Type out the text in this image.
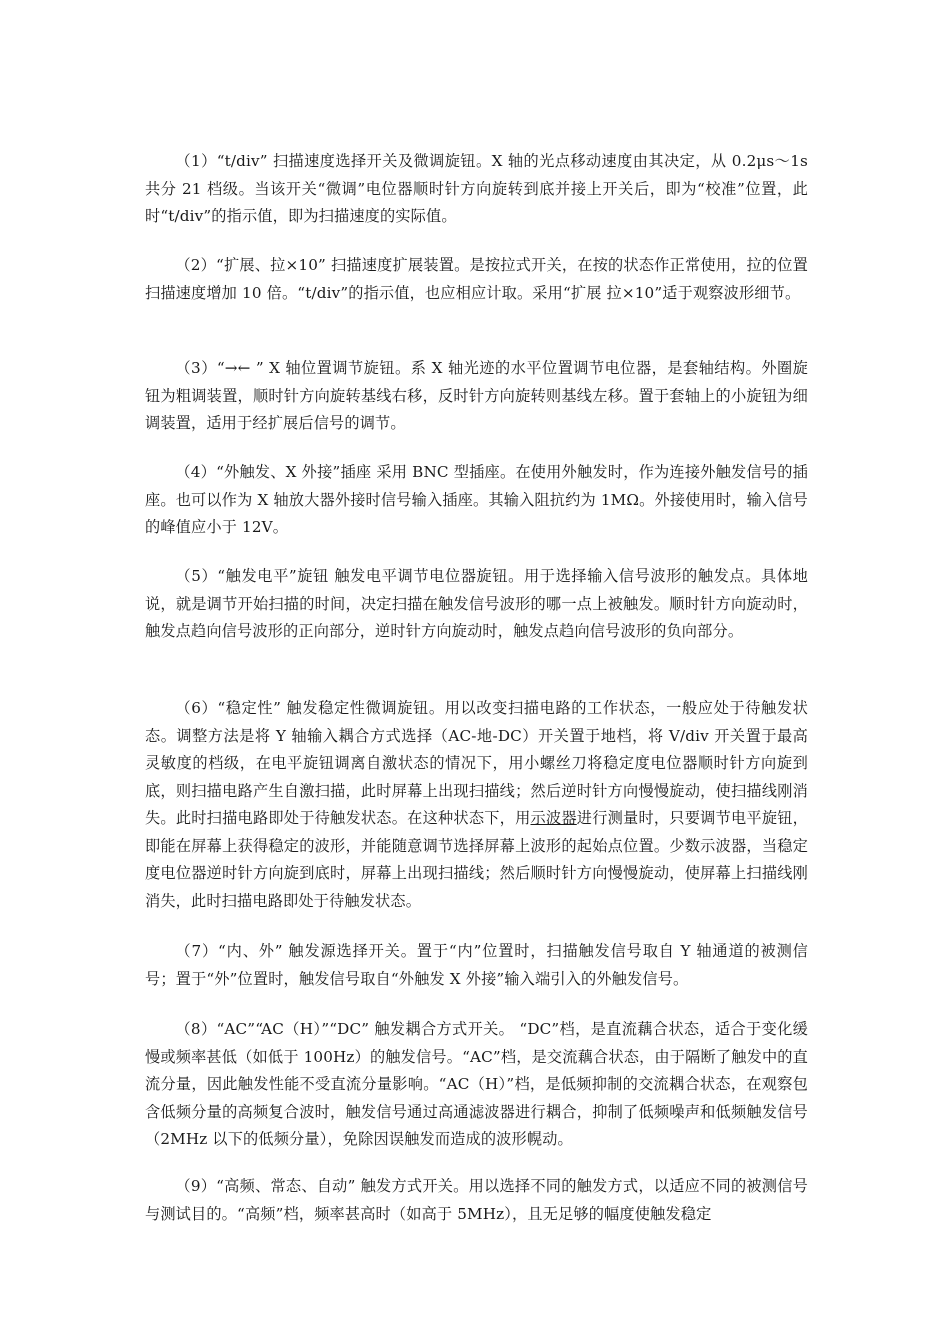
（1）“t/div” 扫描速度选择开关及微调旋钮。X 轴的光点移动速度由其决定，从 0.2μs～1s 共分 21 档级。当该开关“微调”电位器顺时针方向旋转到底并接上开关后，即为“校准”位置，此时“t/div”的指示值，即为扫描速度的实际值。

（2）“扩展、拉×10” 扫描速度扩展装置。是按拉式开关，在按的状态作正常使用，拉的位置扫描速度增加 10 倍。“t/div”的指示值，也应相应计取。采用“扩展 拉×10”适于观察波形细节。

（3）“→← ” X 轴位置调节旋钮。系 X 轴光迹的水平位置调节电位器，是套轴结构。外圈旋钮为粗调装置，顺时针方向旋转基线右移，反时针方向旋转则基线左移。置于套轴上的小旋钮为细调装置，适用于经扩展后信号的调节。

（4）“外触发、X 外接”插座 采用 BNC 型插座。在使用外触发时，作为连接外触发信号的插座。也可以作为 X 轴放大器外接时信号输入插座。其输入阻抗约为 1MΩ。外接使用时，输入信号的峰值应小于 12V。

（5）“触发电平”旋钮 触发电平调节电位器旋钮。用于选择输入信号波形的触发点。具体地说，就是调节开始扫描的时间，决定扫描在触发信号波形的哪一点上被触发。顺时针方向旋动时，触发点趋向信号波形的正向部分，逆时针方向旋动时，触发点趋向信号波形的负向部分。

（6）“稳定性” 触发稳定性微调旋钮。用以改变扫描电路的工作状态，一般应处于待触发状态。调整方法是将 Y 轴输入耦合方式选择（AC-地-DC）开关置于地档，将 V/div 开关置于最高灵敏度的档级，在电平旋钮调离自激状态的情况下，用小螺丝刀将稳定度电位器顺时针方向旋到底，则扫描电路产生自激扫描，此时屏幕上出现扫描线；然后逆时针方向慢慢旋动，使扫描线刚消失。此时扫描电路即处于待触发状态。在这种状态下，用示波器进行测量时，只要调节电平旋钮，即能在屏幕上获得稳定的波形，并能随意调节选择屏幕上波形的起始点位置。少数示波器，当稳定度电位器逆时针方向旋到底时，屏幕上出现扫描线；然后顺时针方向慢慢旋动，使屏幕上扫描线刚消失，此时扫描电路即处于待触发状态。

（7）“内、外” 触发源选择开关。置于“内”位置时，扫描触发信号取自 Y 轴通道的被测信号；置于“外”位置时，触发信号取自“外触发 X 外接”输入端引入的外触发信号。

（8）“AC”“AC（H）”“DC” 触发耦合方式开关。 “DC”档，是直流藕合状态，适合于变化缓慢或频率甚低（如低于 100Hz）的触发信号。“AC”档，是交流藕合状态，由于隔断了触发中的直流分量，因此触发性能不受直流分量影响。“AC（H）”档，是低频抑制的交流耦合状态，在观察包含低频分量的高频复合波时，触发信号通过高通滤波器进行耦合，抑制了低频噪声和低频触发信号（2MHz 以下的低频分量），免除因误触发而造成的波形幌动。

（9）“高频、常态、自动” 触发方式开关。用以选择不同的触发方式，以适应不同的被测信号与测试目的。“高频”档，频率甚高时（如高于 5MHz），且无足够的幅度使触发稳定
